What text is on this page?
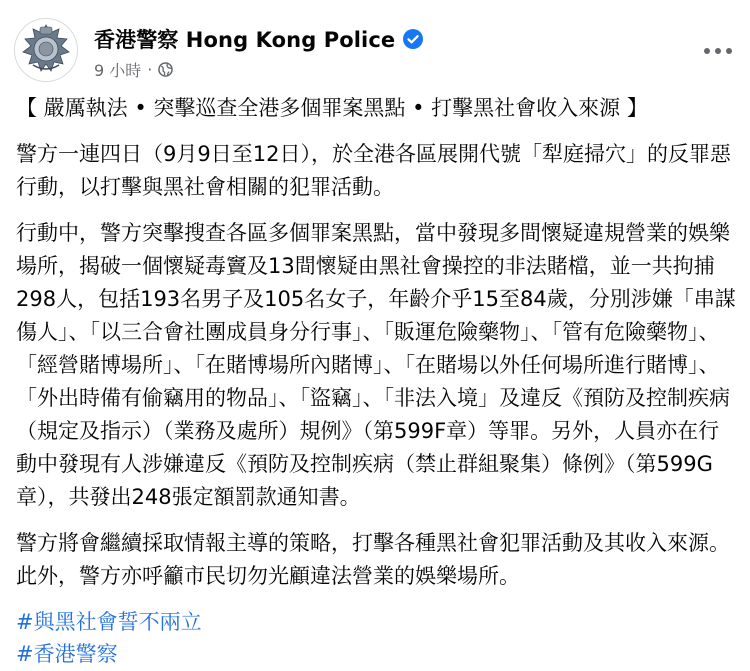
香港警察 Hong Kong Police
9 小時 ·

【 嚴厲執法 • 突擊巡查全港多個罪案黑點 • 打擊黑社會收入來源 】

警方一連四日（9月9日至12日），於全港各區展開代號「犁庭掃穴」的反罪惡行動，以打擊與黑社會相關的犯罪活動。

行動中，警方突擊搜查各區多個罪案黑點，當中發現多間懷疑違規營業的娛樂場所，揭破一個懷疑毒竇及13間懷疑由黑社會操控的非法賭檔，並一共拘捕298人，包括193名男子及105名女子，年齡介乎15至84歲，分別涉嫌「串謀傷人」、「以三合會社團成員身分行事」、「販運危險藥物」、「管有危險藥物」、「經營賭博場所」、「在賭博場所內賭博」、「在賭場以外任何場所進行賭博」、「外出時備有偷竊用的物品」、「盜竊」、「非法入境」及違反《預防及控制疾病（規定及指示）（業務及處所）規例》（第599F章）等罪。另外，人員亦在行動中發現有人涉嫌違反《預防及控制疾病（禁止群組聚集）條例》（第599G章），共發出248張定額罰款通知書。

警方將會繼續採取情報主導的策略，打擊各種黑社會犯罪活動及其收入來源。此外，警方亦呼籲市民切勿光顧違法營業的娛樂場所。

#與黑社會誓不兩立
#香港警察
